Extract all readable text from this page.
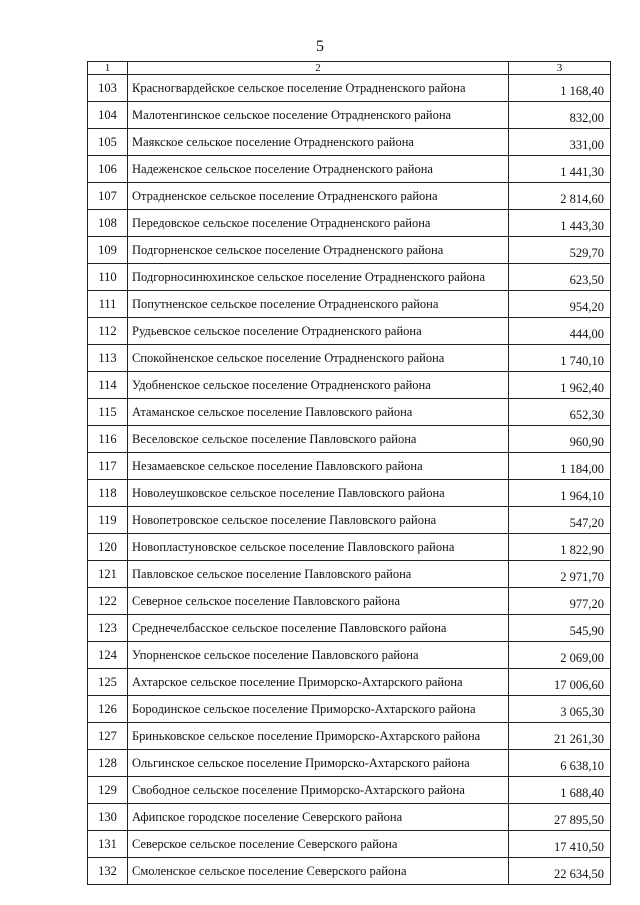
5
1	2	3
103	Красногвардейское сельское поселение Отрадненского района	1 168,40
104	Малотенгинское сельское поселение Отрадненского района	832,00
105	Маякское сельское поселение Отрадненского района	331,00
106	Надеженское сельское поселение Отрадненского района	1 441,30
107	Отрадненское сельское поселение Отрадненского района	2 814,60
108	Передовское сельское поселение Отрадненского района	1 443,30
109	Подгорненское сельское поселение Отрадненского района	529,70
110	Подгорносинюхинское сельское поселение Отрадненского района	623,50
111	Попутненское сельское поселение Отрадненского района	954,20
112	Рудьевское сельское поселение Отрадненского района	444,00
113	Спокойненское сельское поселение Отрадненского района	1 740,10
114	Удобненское сельское поселение Отрадненского района	1 962,40
115	Атаманское сельское поселение Павловского района	652,30
116	Веселовское сельское поселение Павловского района	960,90
117	Незамаевское сельское поселение Павловского района	1 184,00
118	Новолеушковское сельское поселение Павловского района	1 964,10
119	Новопетровское сельское поселение Павловского района	547,20
120	Новопластуновское сельское поселение Павловского района	1 822,90
121	Павловское сельское поселение Павловского района	2 971,70
122	Северное сельское поселение Павловского района	977,20
123	Среднечелбасское сельское поселение Павловского района	545,90
124	Упорненское сельское поселение Павловского района	2 069,00
125	Ахтарское сельское поселение Приморско-Ахтарского района	17 006,60
126	Бородинское сельское поселение Приморско-Ахтарского района	3 065,30
127	Бриньковское сельское поселение Приморско-Ахтарского района	21 261,30
128	Ольгинское сельское поселение Приморско-Ахтарского района	6 638,10
129	Свободное сельское поселение Приморско-Ахтарского района	1 688,40
130	Афипское городское поселение Северского района	27 895,50
131	Северское сельское поселение Северского района	17 410,50
132	Смоленское сельское поселение Северского района	22 634,50
